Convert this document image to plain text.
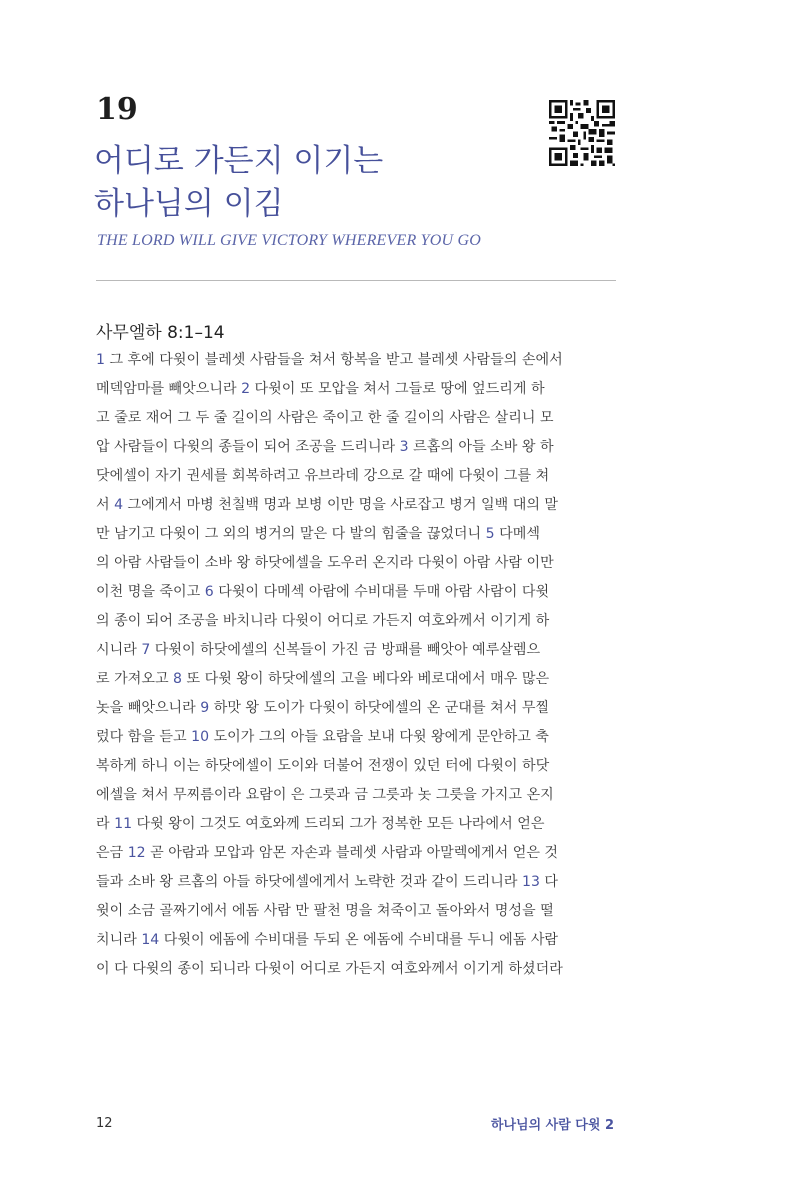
19
어디로 가든지 이기는
하나님의 이김
THE LORD WILL GIVE VICTORY WHEREVER YOU GO
사무엘하 8:1–14
1 그 후에 다윗이 블레셋 사람들을 쳐서 항복을 받고 블레셋 사람들의 손에서
메덱암마를 빼앗으니라 2 다윗이 또 모압을 쳐서 그들로 땅에 엎드리게 하
고 줄로 재어 그 두 줄 길이의 사람은 죽이고 한 줄 길이의 사람은 살리니 모
압 사람들이 다윗의 종들이 되어 조공을 드리니라 3 르홉의 아들 소바 왕 하
닷에셀이 자기 권세를 회복하려고 유브라데 강으로 갈 때에 다윗이 그를 쳐
서 4 그에게서 마병 천칠백 명과 보병 이만 명을 사로잡고 병거 일백 대의 말
만 남기고 다윗이 그 외의 병거의 말은 다 발의 힘줄을 끊었더니 5 다메섹
의 아람 사람들이 소바 왕 하닷에셀을 도우러 온지라 다윗이 아람 사람 이만
이천 명을 죽이고 6 다윗이 다메섹 아람에 수비대를 두매 아람 사람이 다윗
의 종이 되어 조공을 바치니라 다윗이 어디로 가든지 여호와께서 이기게 하
시니라 7 다윗이 하닷에셀의 신복들이 가진 금 방패를 빼앗아 예루살렘으
로 가져오고 8 또 다윗 왕이 하닷에셀의 고을 베다와 베로대에서 매우 많은
놋을 빼앗으니라 9 하맛 왕 도이가 다윗이 하닷에셀의 온 군대를 쳐서 무찔
렀다 함을 듣고 10 도이가 그의 아들 요람을 보내 다윗 왕에게 문안하고 축
복하게 하니 이는 하닷에셀이 도이와 더불어 전쟁이 있던 터에 다윗이 하닷
에셀을 쳐서 무찌름이라 요람이 은 그릇과 금 그릇과 놋 그릇을 가지고 온지
라 11 다윗 왕이 그것도 여호와께 드리되 그가 정복한 모든 나라에서 얻은
은금 12 곧 아람과 모압과 암몬 자손과 블레셋 사람과 아말렉에게서 얻은 것
들과 소바 왕 르홉의 아들 하닷에셀에게서 노략한 것과 같이 드리니라 13 다
윗이 소금 골짜기에서 에돔 사람 만 팔천 명을 쳐죽이고 돌아와서 명성을 떨
치니라 14 다윗이 에돔에 수비대를 두되 온 에돔에 수비대를 두니 에돔 사람
이 다 다윗의 종이 되니라 다윗이 어디로 가든지 여호와께서 이기게 하셨더라
12	하나님의 사람 다윗 2
